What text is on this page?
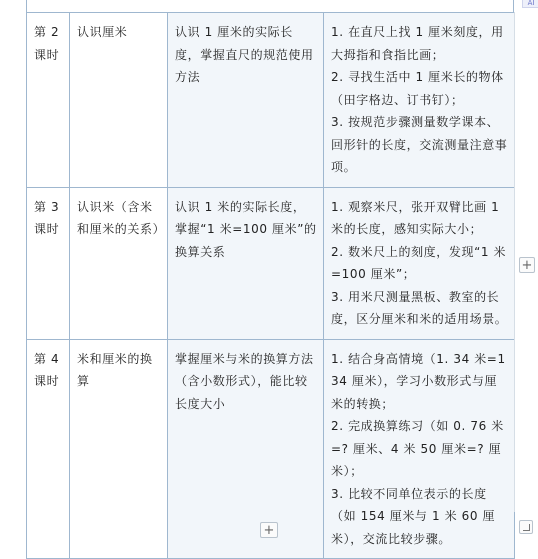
第 2 课时	认识厘米	认识 1 厘米的实际长度，掌握直尺的规范使用方法	1. 在直尺上找 1 厘米刻度，用大拇指和食指比画；
2. 寻找生活中 1 厘米长的物体（田字格边、订书钉）；
3. 按规范步骤测量数学课本、回形针的长度，交流测量注意事项。

第 3 课时	认识米（含米和厘米的关系）	认识 1 米的实际长度，掌握“1 米=100 厘米”的换算关系	1. 观察米尺，张开双臂比画 1 米的长度，感知实际大小；
2. 数米尺上的刻度，发现“1 米=100 厘米”；
3. 用米尺测量黑板、教室的长度，区分厘米和米的适用场景。

第 4 课时	米和厘米的换算	掌握厘米与米的换算方法（含小数形式），能比较长度大小	1. 结合身高情境（1. 34 米=134 厘米），学习小数形式与厘米的转换；
2. 完成换算练习（如 0. 76 米=? 厘米、4 米 50 厘米=? 厘米）；
3. 比较不同单位表示的长度（如 154 厘米与 1 米 60 厘米），交流比较步骤。
+
+
AI
